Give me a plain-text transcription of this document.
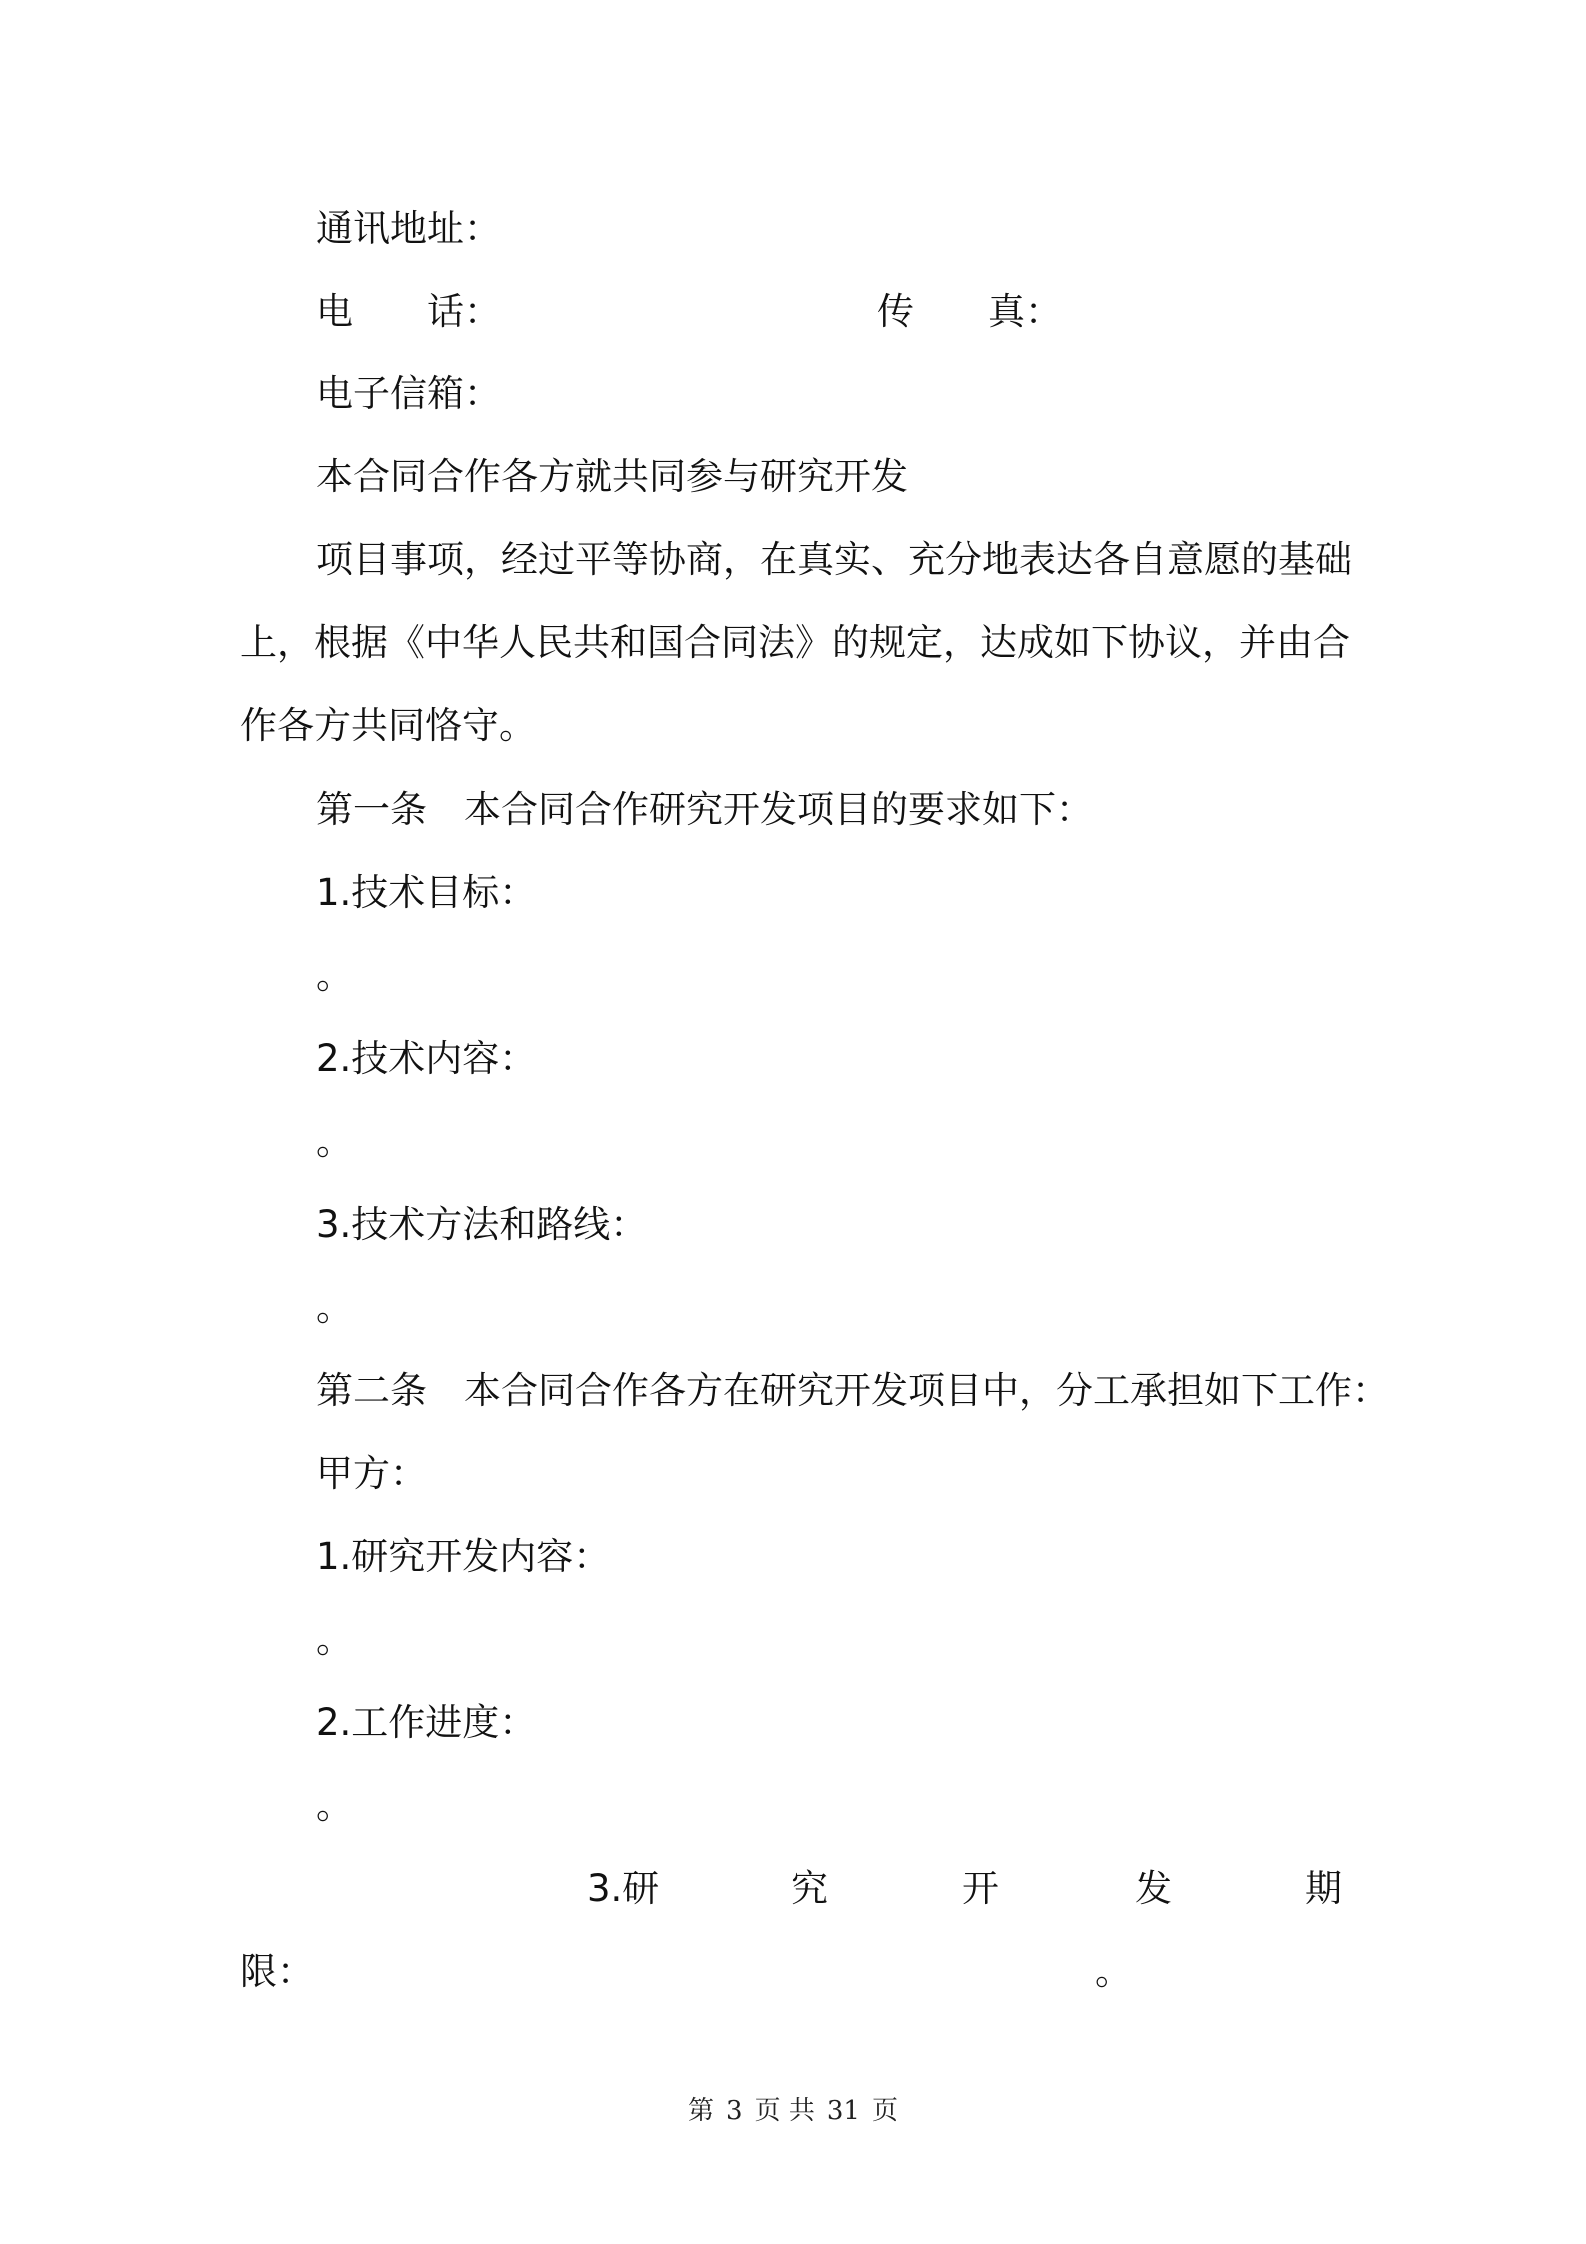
通讯地址：
电　　话：	传　　真：
电子信箱：
本合同合作各方就共同参与研究开发
项目事项，经过平等协商，在真实、充分地表达各自意愿的基础
上，根据《中华人民共和国合同法》的规定，达成如下协议，并由合
作各方共同恪守。
第一条　本合同合作研究开发项目的要求如下：
1.技术目标：
。
2.技术内容：
。
3.技术方法和路线：
。
第二条　本合同合作各方在研究开发项目中，分工承担如下工作：
甲方：
1.研究开发内容：
。
2.工作进度：
。
3.研	究	开	发	期
限：	。
第 3 页 共 31 页
